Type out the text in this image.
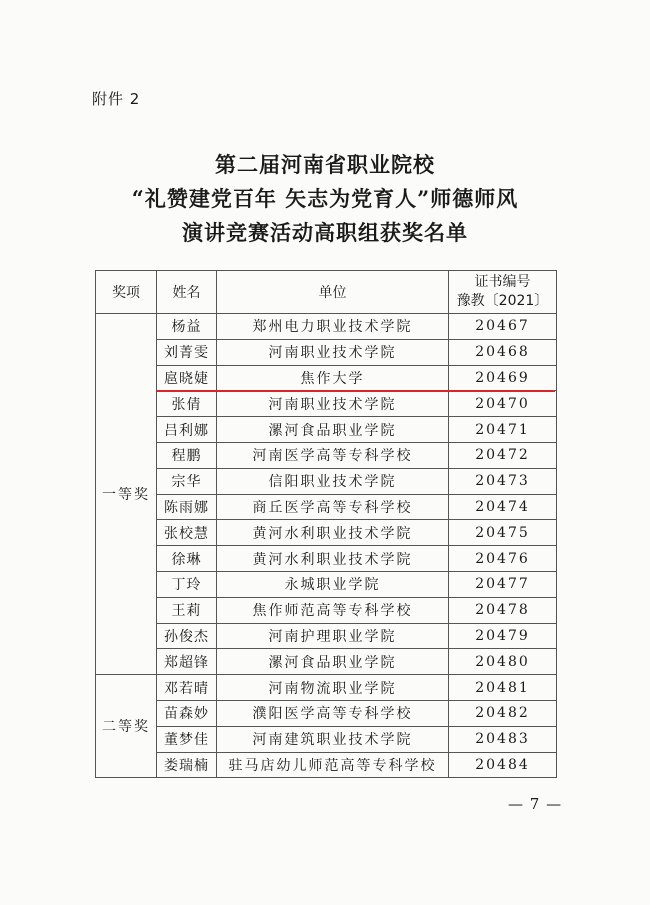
附件 2
第二届河南省职业院校
“礼赞建党百年 矢志为党育人”师德师风
演讲竞赛活动高职组获奖名单
奖项	姓名	单位	证书编号
豫教〔2021〕

一等奖	杨益	郑州电力职业技术学院	20467
	刘菁雯	河南职业技术学院	20468
	扈晓婕	焦作大学	20469
	张倩	河南职业技术学院	20470
	吕利娜	漯河食品职业学院	20471
	程鹏	河南医学高等专科学校	20472
	宗华	信阳职业技术学院	20473
	陈雨娜	商丘医学高等专科学校	20474
	张校慧	黄河水利职业技术学院	20475
	徐琳	黄河水利职业技术学院	20476
	丁玲	永城职业学院	20477
	王莉	焦作师范高等专科学校	20478
	孙俊杰	河南护理职业学院	20479
	郑超锋	漯河食品职业学院	20480
二等奖	邓若晴	河南物流职业学院	20481
	苗森妙	濮阳医学高等专科学校	20482
	董梦佳	河南建筑职业技术学院	20483
	娄瑞楠	驻马店幼儿师范高等专科学校	20484
— 7 —
